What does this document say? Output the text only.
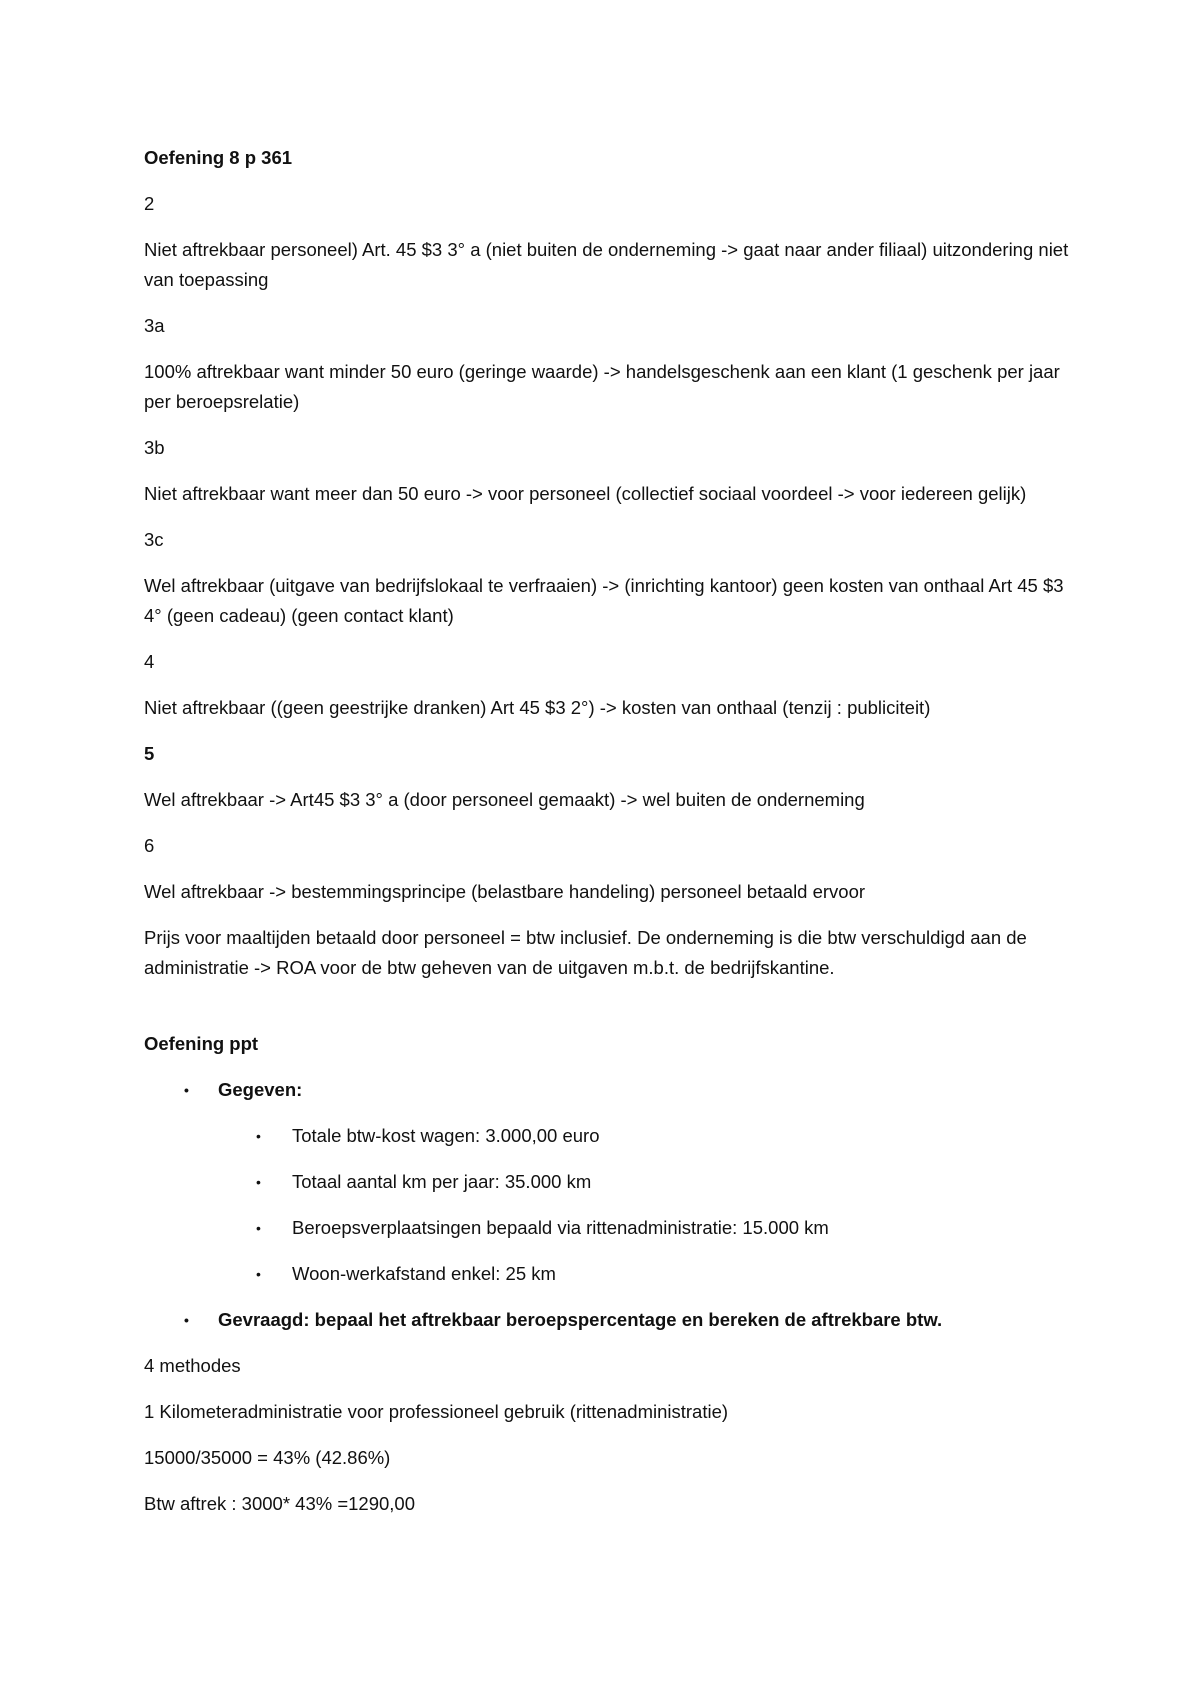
Oefening 8 p 361

2

Niet aftrekbaar personeel) Art. 45 $3 3° a (niet buiten de onderneming -> gaat naar ander filiaal) uitzondering niet van toepassing

3a

100% aftrekbaar want minder 50 euro (geringe waarde) -> handelsgeschenk aan een klant (1 geschenk per jaar per beroepsrelatie)

3b

Niet aftrekbaar want meer dan 50 euro -> voor personeel (collectief sociaal voordeel -> voor iedereen gelijk)

3c

Wel aftrekbaar (uitgave van bedrijfslokaal te verfraaien) -> (inrichting kantoor) geen kosten van onthaal Art 45 $3 4° (geen cadeau) (geen contact klant)

4

Niet aftrekbaar ((geen geestrijke dranken) Art 45 $3 2°) -> kosten van onthaal (tenzij : publiciteit)

5

Wel aftrekbaar -> Art45 $3 3° a (door personeel gemaakt) -> wel buiten de onderneming

6

Wel aftrekbaar -> bestemmingsprincipe (belastbare handeling) personeel betaald ervoor

Prijs voor maaltijden betaald door personeel = btw inclusief. De onderneming is die btw verschuldigd aan de administratie -> ROA voor de btw geheven van de uitgaven m.b.t. de bedrijfskantine.

Oefening ppt

• Gegeven:
• Totale btw-kost wagen: 3.000,00 euro
• Totaal aantal km per jaar: 35.000 km
• Beroepsverplaatsingen bepaald via rittenadministratie: 15.000 km
• Woon-werkafstand enkel: 25 km
• Gevraagd: bepaal het aftrekbaar beroepspercentage en bereken de aftrekbare btw.

4 methodes

1 Kilometeradministratie voor professioneel gebruik (rittenadministratie)

15000/35000 = 43% (42.86%)

Btw aftrek : 3000* 43% =1290,00
